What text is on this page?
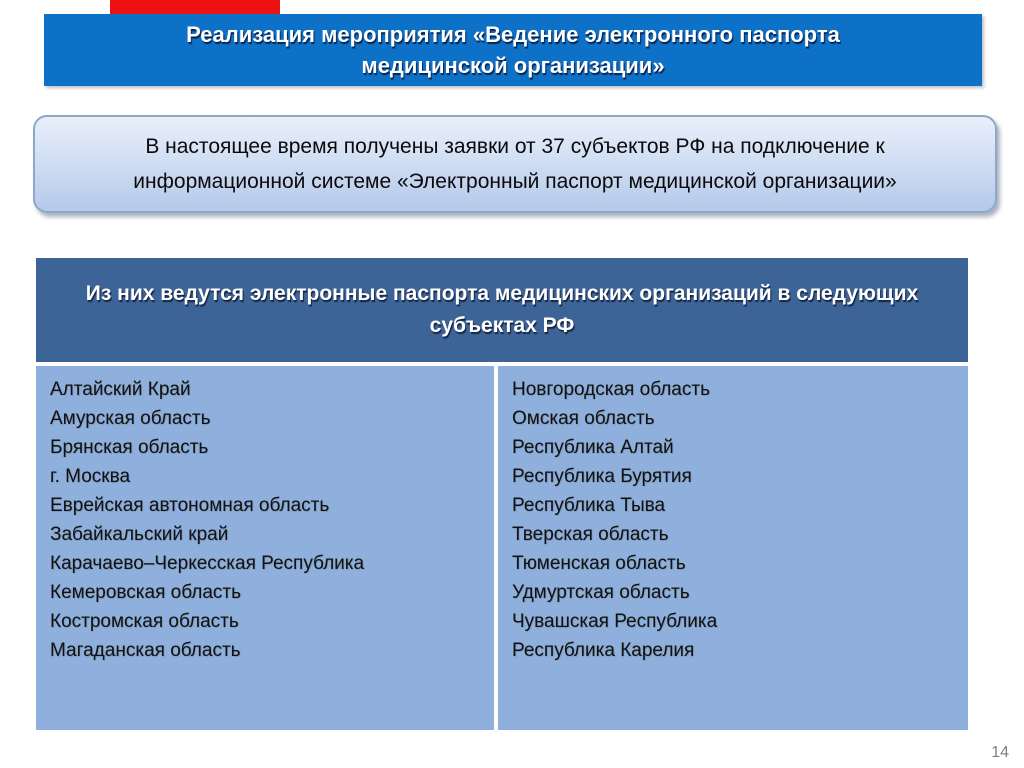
Реализация мероприятия «Ведение электронного паспорта медицинской организации»

В настоящее время получены заявки от 37 субъектов РФ на подключение к информационной системе «Электронный паспорт медицинской организации»

Из них ведутся электронные паспорта медицинских организаций в следующих субъектах РФ
Алтайский Край
Амурская область
Брянская область
г. Москва
Еврейская автономная область
Забайкальский край
Карачаево–Черкесская Республика
Кемеровская область
Костромская область
Магаданская область
Новгородская область
Омская область
Республика Алтай
Республика Бурятия
Республика Тыва
Тверская область
Тюменская область
Удмуртская область
Чувашская Республика
Республика Карелия
14
